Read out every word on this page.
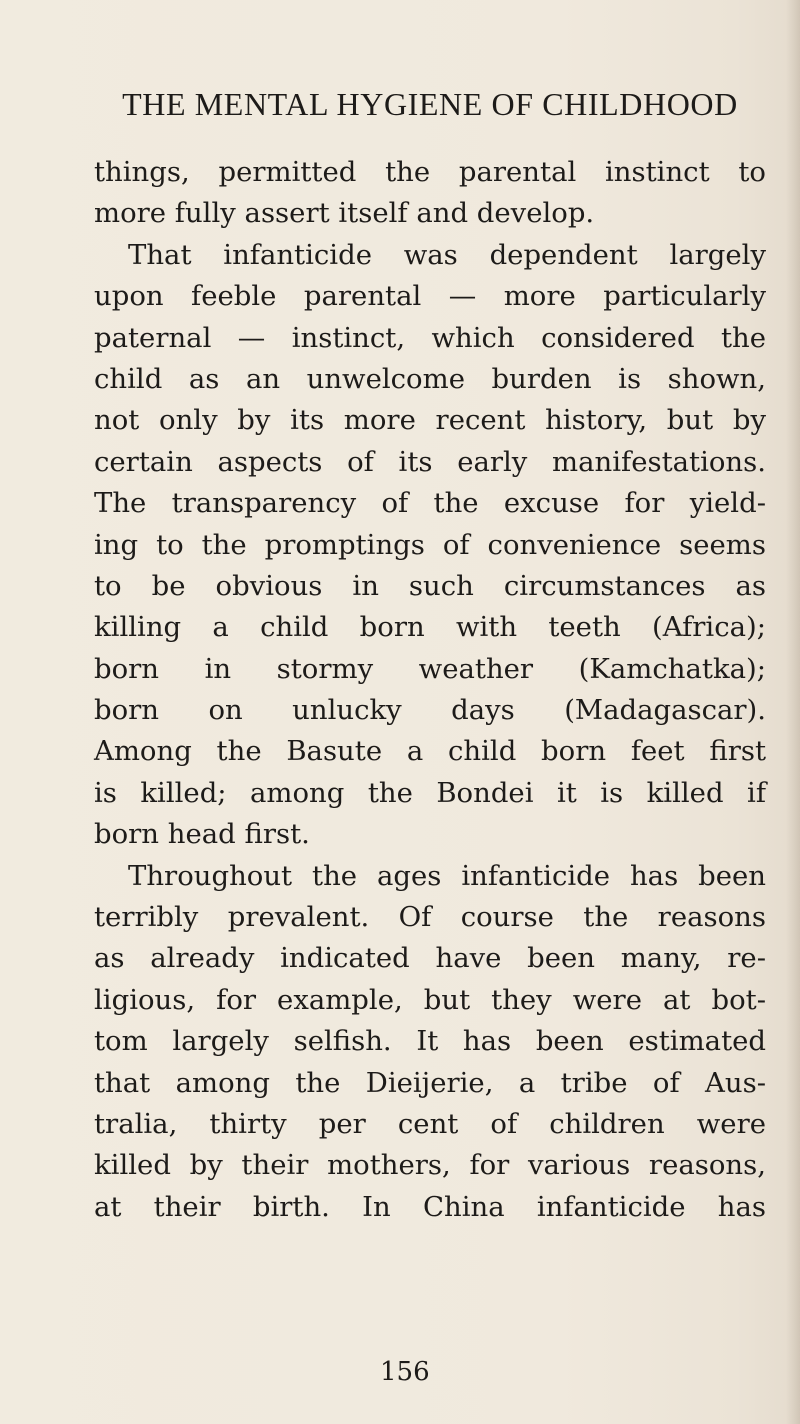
THE MENTAL HYGIENE OF CHILDHOOD
things, permitted the parental instinct to
more fully assert itself and develop.
That infanticide was dependent largely
upon feeble parental — more particularly
paternal — instinct, which considered the
child as an unwelcome burden is shown,
not only by its more recent history, but by
certain aspects of its early manifestations.
The transparency of the excuse for yield-
ing to the promptings of convenience seems
to be obvious in such circumstances as
killing a child born with teeth (Africa);
born in stormy weather (Kamchatka);
born on unlucky days (Madagascar).
Among the Basute a child born feet first
is killed; among the Bondei it is killed if
born head first.
Throughout the ages infanticide has been
terribly prevalent. Of course the reasons
as already indicated have been many, re-
ligious, for example, but they were at bot-
tom largely selfish. It has been estimated
that among the Dieijerie, a tribe of Aus-
tralia, thirty per cent of children were
killed by their mothers, for various reasons,
at their birth. In China infanticide has
156
